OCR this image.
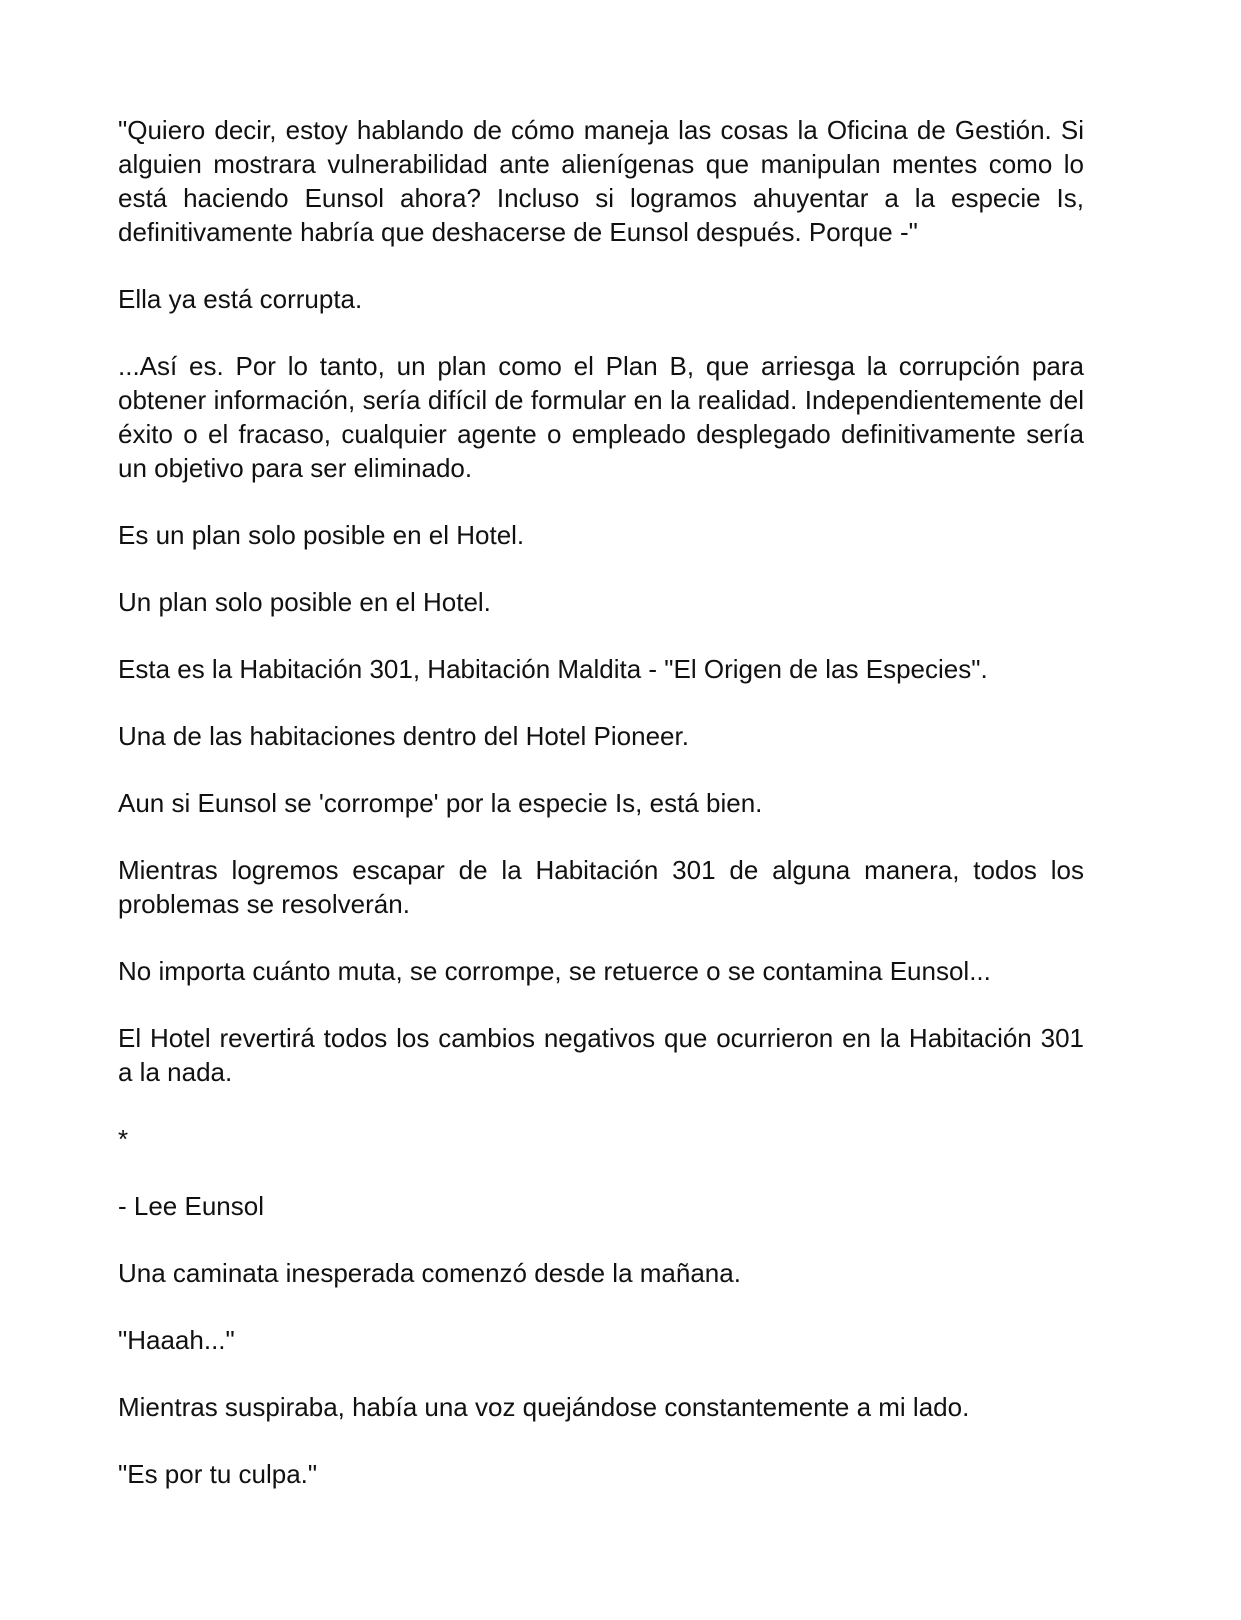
"Quiero decir, estoy hablando de cómo maneja las cosas la Oficina de Gestión. Si alguien mostrara vulnerabilidad ante alienígenas que manipulan mentes como lo está haciendo Eunsol ahora? Incluso si logramos ahuyentar a la especie Is, definitivamente habría que deshacerse de Eunsol después. Porque -"

Ella ya está corrupta.

...Así es. Por lo tanto, un plan como el Plan B, que arriesga la corrupción para obtener información, sería difícil de formular en la realidad. Independientemente del éxito o el fracaso, cualquier agente o empleado desplegado definitivamente sería un objetivo para ser eliminado.

Es un plan solo posible en el Hotel.

Un plan solo posible en el Hotel.

Esta es la Habitación 301, Habitación Maldita - "El Origen de las Especies".

Una de las habitaciones dentro del Hotel Pioneer.

Aun si Eunsol se 'corrompe' por la especie Is, está bien.

Mientras logremos escapar de la Habitación 301 de alguna manera, todos los problemas se resolverán.

No importa cuánto muta, se corrompe, se retuerce o se contamina Eunsol...

El Hotel revertirá todos los cambios negativos que ocurrieron en la Habitación 301 a la nada.

*

- Lee Eunsol

Una caminata inesperada comenzó desde la mañana.

"Haaah..."

Mientras suspiraba, había una voz quejándose constantemente a mi lado.

"Es por tu culpa."
